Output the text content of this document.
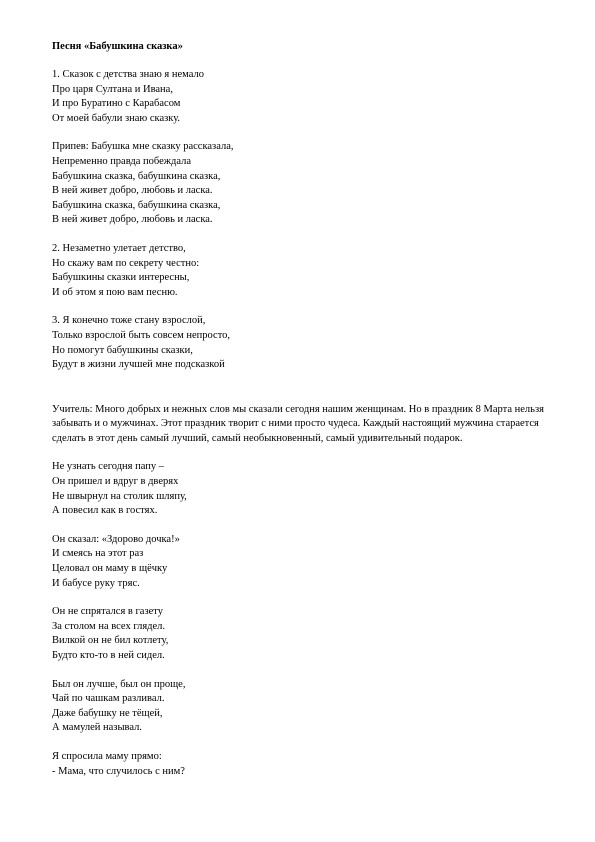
Песня «Бабушкина сказка»
1. Сказок с детства знаю я немало
Про царя Султана и Ивана,
И про Буратино с Карабасом
От моей бабули знаю сказку.
Припев: Бабушка мне сказку рассказала,
Непременно правда побеждала
Бабушкина сказка, бабушкина сказка,
В ней живет добро, любовь и ласка.
Бабушкина сказка, бабушкина сказка,
В ней живет добро, любовь и ласка.
2. Незаметно улетает детство,
Но скажу вам по секрету честно:
Бабушкины сказки интересны,
И об этом я пою вам песню.
3. Я конечно тоже стану взрослой,
Только взрослой быть совсем непросто,
Но помогут бабушкины сказки,
Будут в жизни лучшей мне подсказкой
Учитель: Много добрых и нежных слов мы сказали сегодня нашим женщинам. Но в праздник 8 Марта нельзя забывать и о мужчинах. Этот праздник творит с ними просто чудеса. Каждый настоящий мужчина старается сделать в этот день самый лучший, самый необыкновенный, самый удивительный подарок.
Не узнать сегодня папу –
Он пришел и вдруг в дверях
Не швырнул на столик шляпу,
А повесил как в гостях.
Он сказал: «Здорово дочка!»
И смеясь на этот раз
Целовал он маму в щёчку
И бабусе руку тряс.
Он не спрятался в газету
За столом на всех глядел.
Вилкой он не бил котлету,
Будто кто-то в ней сидел.
Был он лучше, был он проще,
Чай по чашкам разливал.
Даже бабушку не тёщей,
А мамулей называл.
Я спросила маму прямо:
- Мама, что случилось с ним?
